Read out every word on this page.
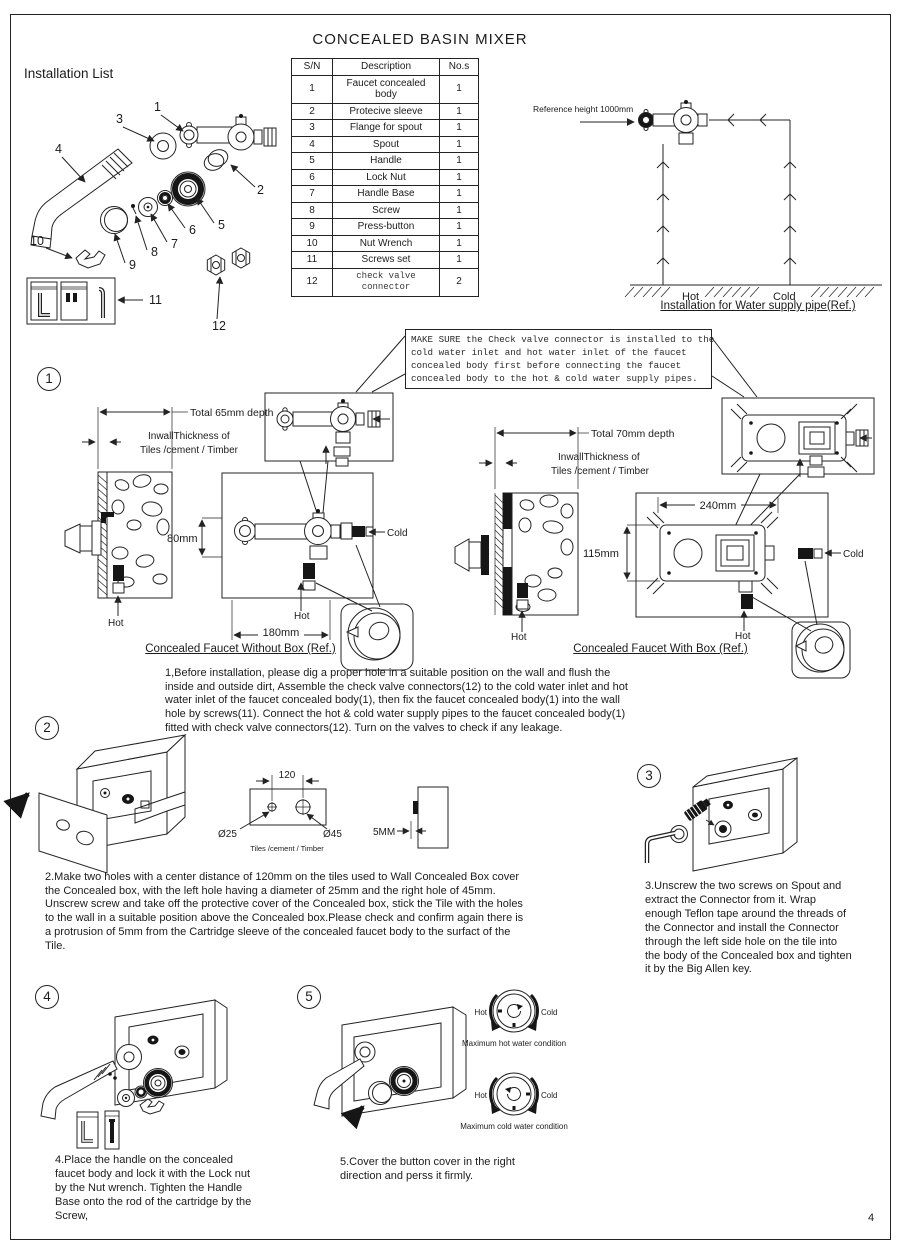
CONCEALED BASIN MIXER
Installation List	S/N	Description	No.s
1	Faucet concealed body	1
2	Protecive sleeve	1
3	Flange for spout	1
4	Spout	1
5	Handle	1
6	Lock Nut	1
7	Handle Base	1
8	Screw	1
9	Press-button	1
10	Nut Wrench	1
11	Screws set	1
12	check valve connector	2
1
3
4
2
5
6
7
8
9
10
11
12
Reference height 1000mm
Hot	Cold
Installation for Water supply pipe(Ref.)
MAKE SURE the Check valve connector is installed to the
cold water inlet and hot water inlet of the faucet
concealed body first before connecting the faucet
concealed body to the hot & cold water supply pipes.
1
Hot
Total 65mm depth
InwallThickness of
Tiles /cement / Timber
Cold
Hot
80mm
180mm
Concealed Faucet Without Box (Ref.)
Hot
Total 70mm depth
InwallThickness of
Tiles /cement / Timber
240mm
Cold
Hot
115mm
Concealed Faucet With Box (Ref.)
1,Before installation, please dig a proper hole in a suitable position on the wall and flush the
inside and outside dirt, Assemble the check valve connectors(12) to the cold water inlet and hot
water inlet of the faucet concealed body(1), then fix the faucet concealed body(1) into the wall
hole by screws(11). Connect the hot & cold water supply pipes to the faucet concealed body(1)
fitted with check valve connectors(12). Turn on the valves to check if any leakage.
2
120
Ø25	Ø45
Tiles /cement / Timber
5MM
2.Make two holes with a center distance of 120mm on the tiles used to Wall Concealed Box cover
the Concealed box, with the left hole having a diameter of 25mm and the right hole of 45mm.
Unscrew screw and take off the protective cover of the Concealed box, stick the Tile with the holes
to the wall in a suitable position above the Concealed box.Please check and confirm again there is
a protrusion of 5mm from the Cartridge sleeve of the concealed faucet body to the surfact of the
Tile.
3
3.Unscrew the two screws on Spout and
extract the Connector from it. Wrap
enough Teflon tape around the threads of
the Connector and install the Connector
through the left side hole on the tile into
the body of the Concealed box and tighten
it by the Big Allen key.
4
4.Place the handle on the concealed
faucet body and lock it with the Lock nut
by the Nut wrench. Tighten the Handle
Base onto the rod of the cartridge by the
Screw,
5
Hot	Cold
Maximum hot water condition
Hot	Cold
Maximum cold water condition
5.Cover the button cover in the right
direction and perss it firmly.
4
